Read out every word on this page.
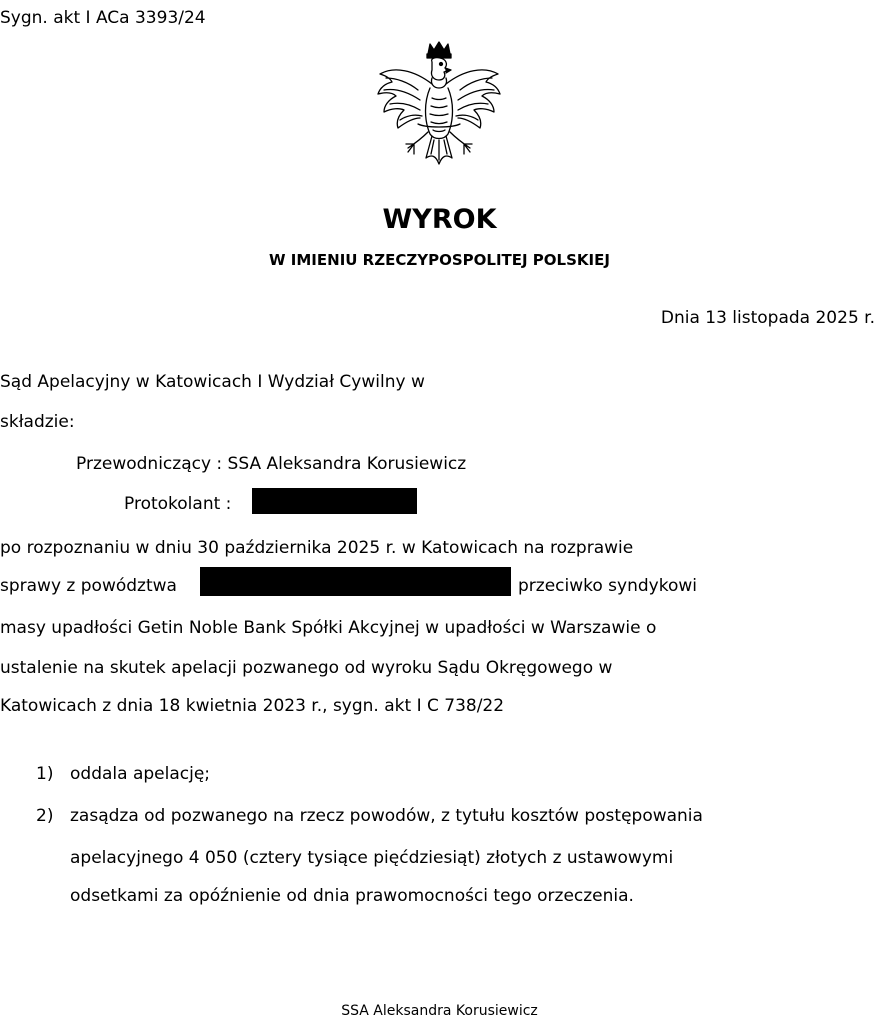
Sygn. akt I ACa 3393/24
WYROK
W IMIENIU RZECZYPOSPOLITEJ POLSKIEJ
Dnia 13 listopada 2025 r.
Sąd Apelacyjny w Katowicach I Wydział Cywilny w
składzie:
Przewodniczący : SSA Aleksandra Korusiewicz
Protokolant :
po rozpoznaniu w dniu 30 października 2025 r. w Katowicach na rozprawie
sprawy z powództwa	przeciwko syndykowi
masy upadłości Getin Noble Bank Spółki Akcyjnej w upadłości w Warszawie o
ustalenie na skutek apelacji pozwanego od wyroku Sądu Okręgowego w
Katowicach z dnia 18 kwietnia 2023 r., sygn. akt I C 738/22
1) oddala apelację;
2) zasądza od pozwanego na rzecz powodów, z tytułu kosztów postępowania
apelacyjnego 4 050 (cztery tysiące pięćdziesiąt) złotych z ustawowymi
odsetkami za opóźnienie od dnia prawomocności tego orzeczenia.
SSA Aleksandra Korusiewicz
